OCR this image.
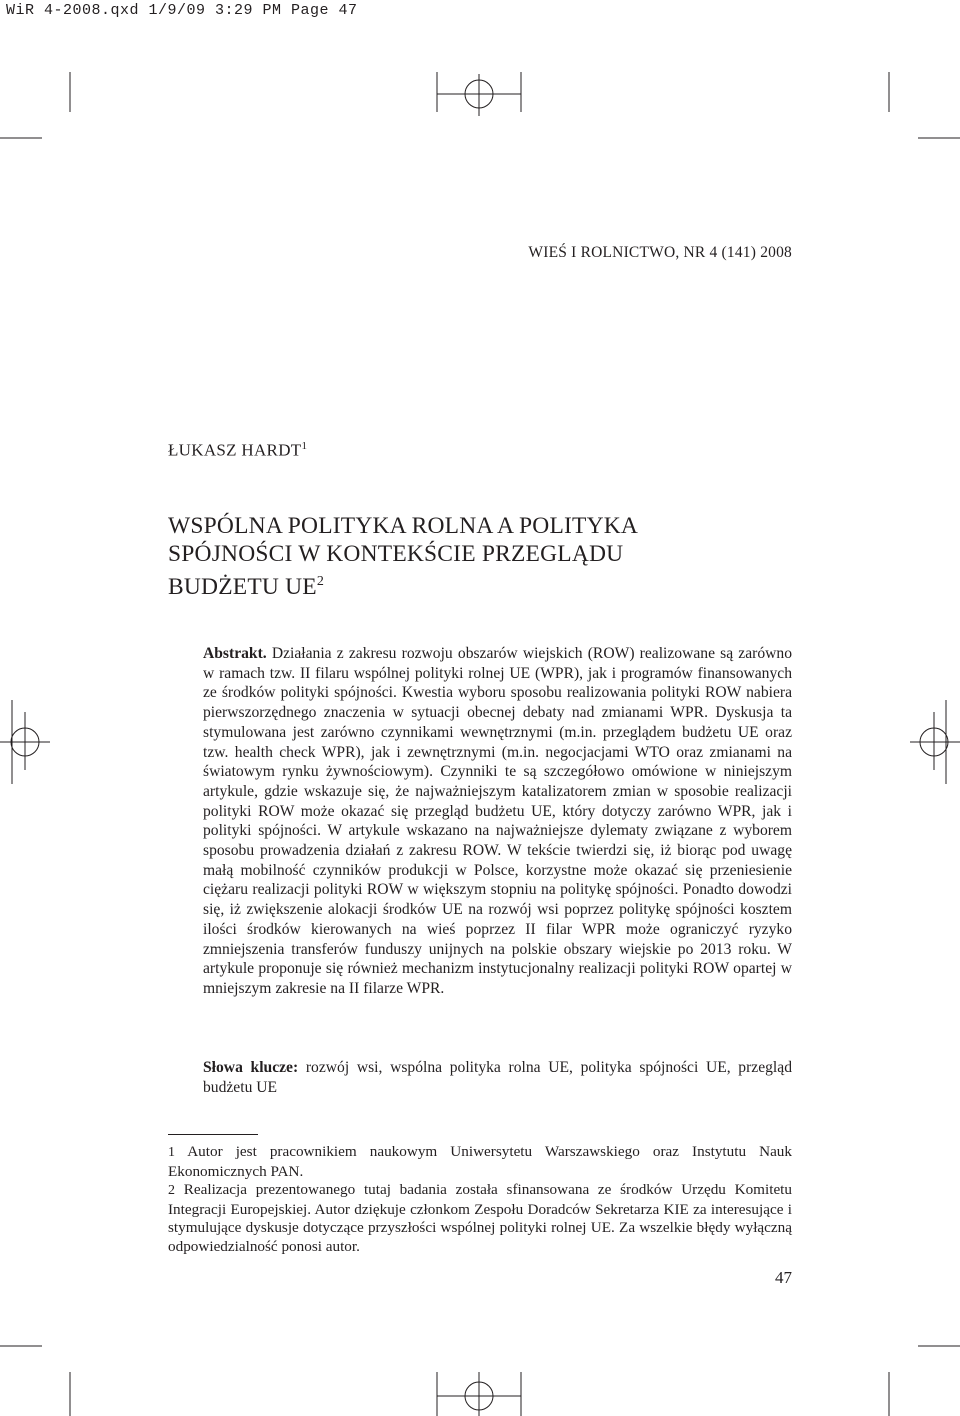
WiR 4-2008.qxd 1/9/09 3:29 PM Page 47
WIEŚ I ROLNICTWO, NR 4 (141) 2008
ŁUKASZ HARDT$^1$
WSPÓLNA POLITYKA ROLNA A POLITYKA
SPÓJNOŚCI W KONTEKŚCIE PRZEGLĄDU
BUDŻETU $UE^2$
Abstrakt. Działania z zakresu rozwoju obszarów wiejskich (ROW) realizowane są zarówno w ramach tzw. II filaru wspólnej polityki rolnej UE (WPR), jak i programów finansowanych ze środków polityki spójności. Kwestia wyboru sposobu realizowania polityki ROW nabiera pierwszorzędnego znaczenia w sytuacji obecnej debaty nad zmianami WPR. Dyskusja ta stymulowana jest zarówno czynnikami wewnętrznymi (m.in. przeglądem budżetu UE oraz tzw. health check WPR), jak i zewnętrznymi (m.in. negocjacjami WTO oraz zmianami na światowym rynku żywnościowym). Czynniki te są szczegółowo omówione w niniejszym artykule, gdzie wskazuje się, że najważniejszym katalizatorem zmian w sposobie realizacji polityki ROW może okazać się przegląd budżetu UE, który dotyczy zarówno WPR, jak i polityki spójności. W artykule wskazano na najważniejsze dylematy związane z wyborem sposobu prowadzenia działań z zakresu ROW. W tekście twierdzi się, iż biorąc pod uwagę małą mobilność czynników produkcji w Polsce, korzystne może okazać się przeniesienie ciężaru realizacji polityki ROW w większym stopniu na politykę spójności. Ponadto dowodzi się, iż zwiększenie alokacji środków UE na rozwój wsi poprzez politykę spójności kosztem ilości środków kierowanych na wieś poprzez II filar WPR może ograniczyć ryzyko zmniejszenia transferów funduszy unijnych na polskie obszary wiejskie po 2013 roku. W artykule proponuje się również mechanizm instytucjonalny realizacji polityki ROW opartej w mniejszym zakresie na II filarze WPR.
Słowa klucze: rozwój wsi, wspólna polityka rolna UE, polityka spójności UE, przegląd budżetu UE

1 Autor jest pracownikiem naukowym Uniwersytetu Warszawskiego oraz Instytutu Nauk Ekonomicznych PAN.

2 Realizacja prezentowanego tutaj badania została sfinansowana ze środków Urzędu Komitetu Integracji Europejskiej. Autor dziękuje członkom Zespołu Doradców Sekretarza KIE za interesujące i stymulujące dyskusje dotyczące przyszłości wspólnej polityki rolnej UE. Za wszelkie błędy wyłączną odpowiedzialność ponosi autor.

47
